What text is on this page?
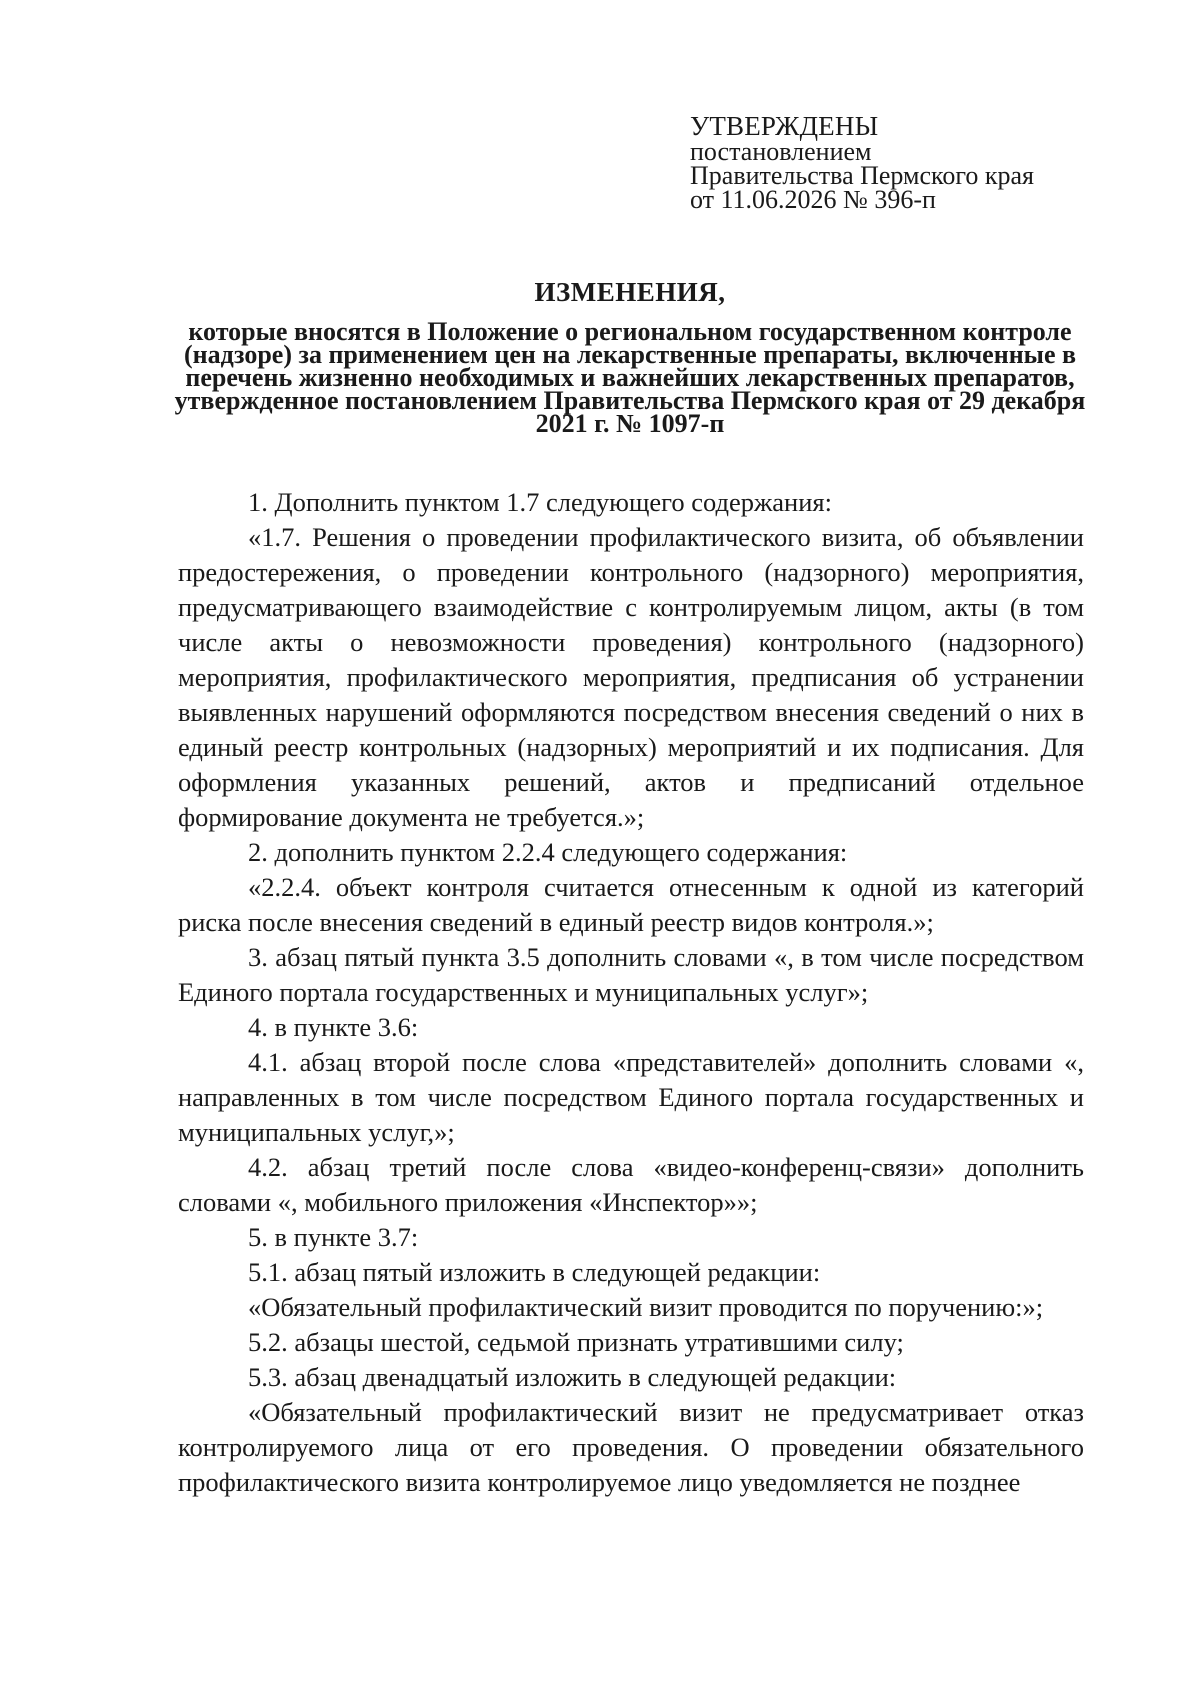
УТВЕРЖДЕНЫ
постановлением
Правительства Пермского края
от 11.06.2026 № 396-п
ИЗМЕНЕНИЯ,
которые вносятся в Положение о региональном государственном контроле (надзоре) за применением цен на лекарственные препараты, включенные в перечень жизненно необходимых и важнейших лекарственных препаратов, утвержденное постановлением Правительства Пермского края от 29 декабря 2021 г. № 1097-п

1. Дополнить пунктом 1.7 следующего содержания:

«1.7. Решения о проведении профилактического визита, об объявлении предостережения, о проведении контрольного (надзорного) мероприятия, предусматривающего взаимодействие с контролируемым лицом, акты (в том числе акты о невозможности проведения) контрольного (надзорного) мероприятия, профилактического мероприятия, предписания об устранении выявленных нарушений оформляются посредством внесения сведений о них в единый реестр контрольных (надзорных) мероприятий и их подписания. Для оформления указанных решений, актов и предписаний отдельное формирование документа не требуется.»;

2. дополнить пунктом 2.2.4 следующего содержания:

«2.2.4. объект контроля считается отнесенным к одной из категорий риска после внесения сведений в единый реестр видов контроля.»;

3. абзац пятый пункта 3.5 дополнить словами «, в том числе посредством Единого портала государственных и муниципальных услуг»;

4. в пункте 3.6:

4.1. абзац второй после слова «представителей» дополнить словами «, направленных в том числе посредством Единого портала государственных и муниципальных услуг,»;

4.2. абзац третий после слова «видео-конференц-связи» дополнить словами «, мобильного приложения «Инспектор»»;

5. в пункте 3.7:

5.1. абзац пятый изложить в следующей редакции:

«Обязательный профилактический визит проводится по поручению:»;

5.2. абзацы шестой, седьмой признать утратившими силу;

5.3. абзац двенадцатый изложить в следующей редакции:

«Обязательный профилактический визит не предусматривает отказ контролируемого лица от его проведения. О проведении обязательного профилактического визита контролируемое лицо уведомляется не позднее
